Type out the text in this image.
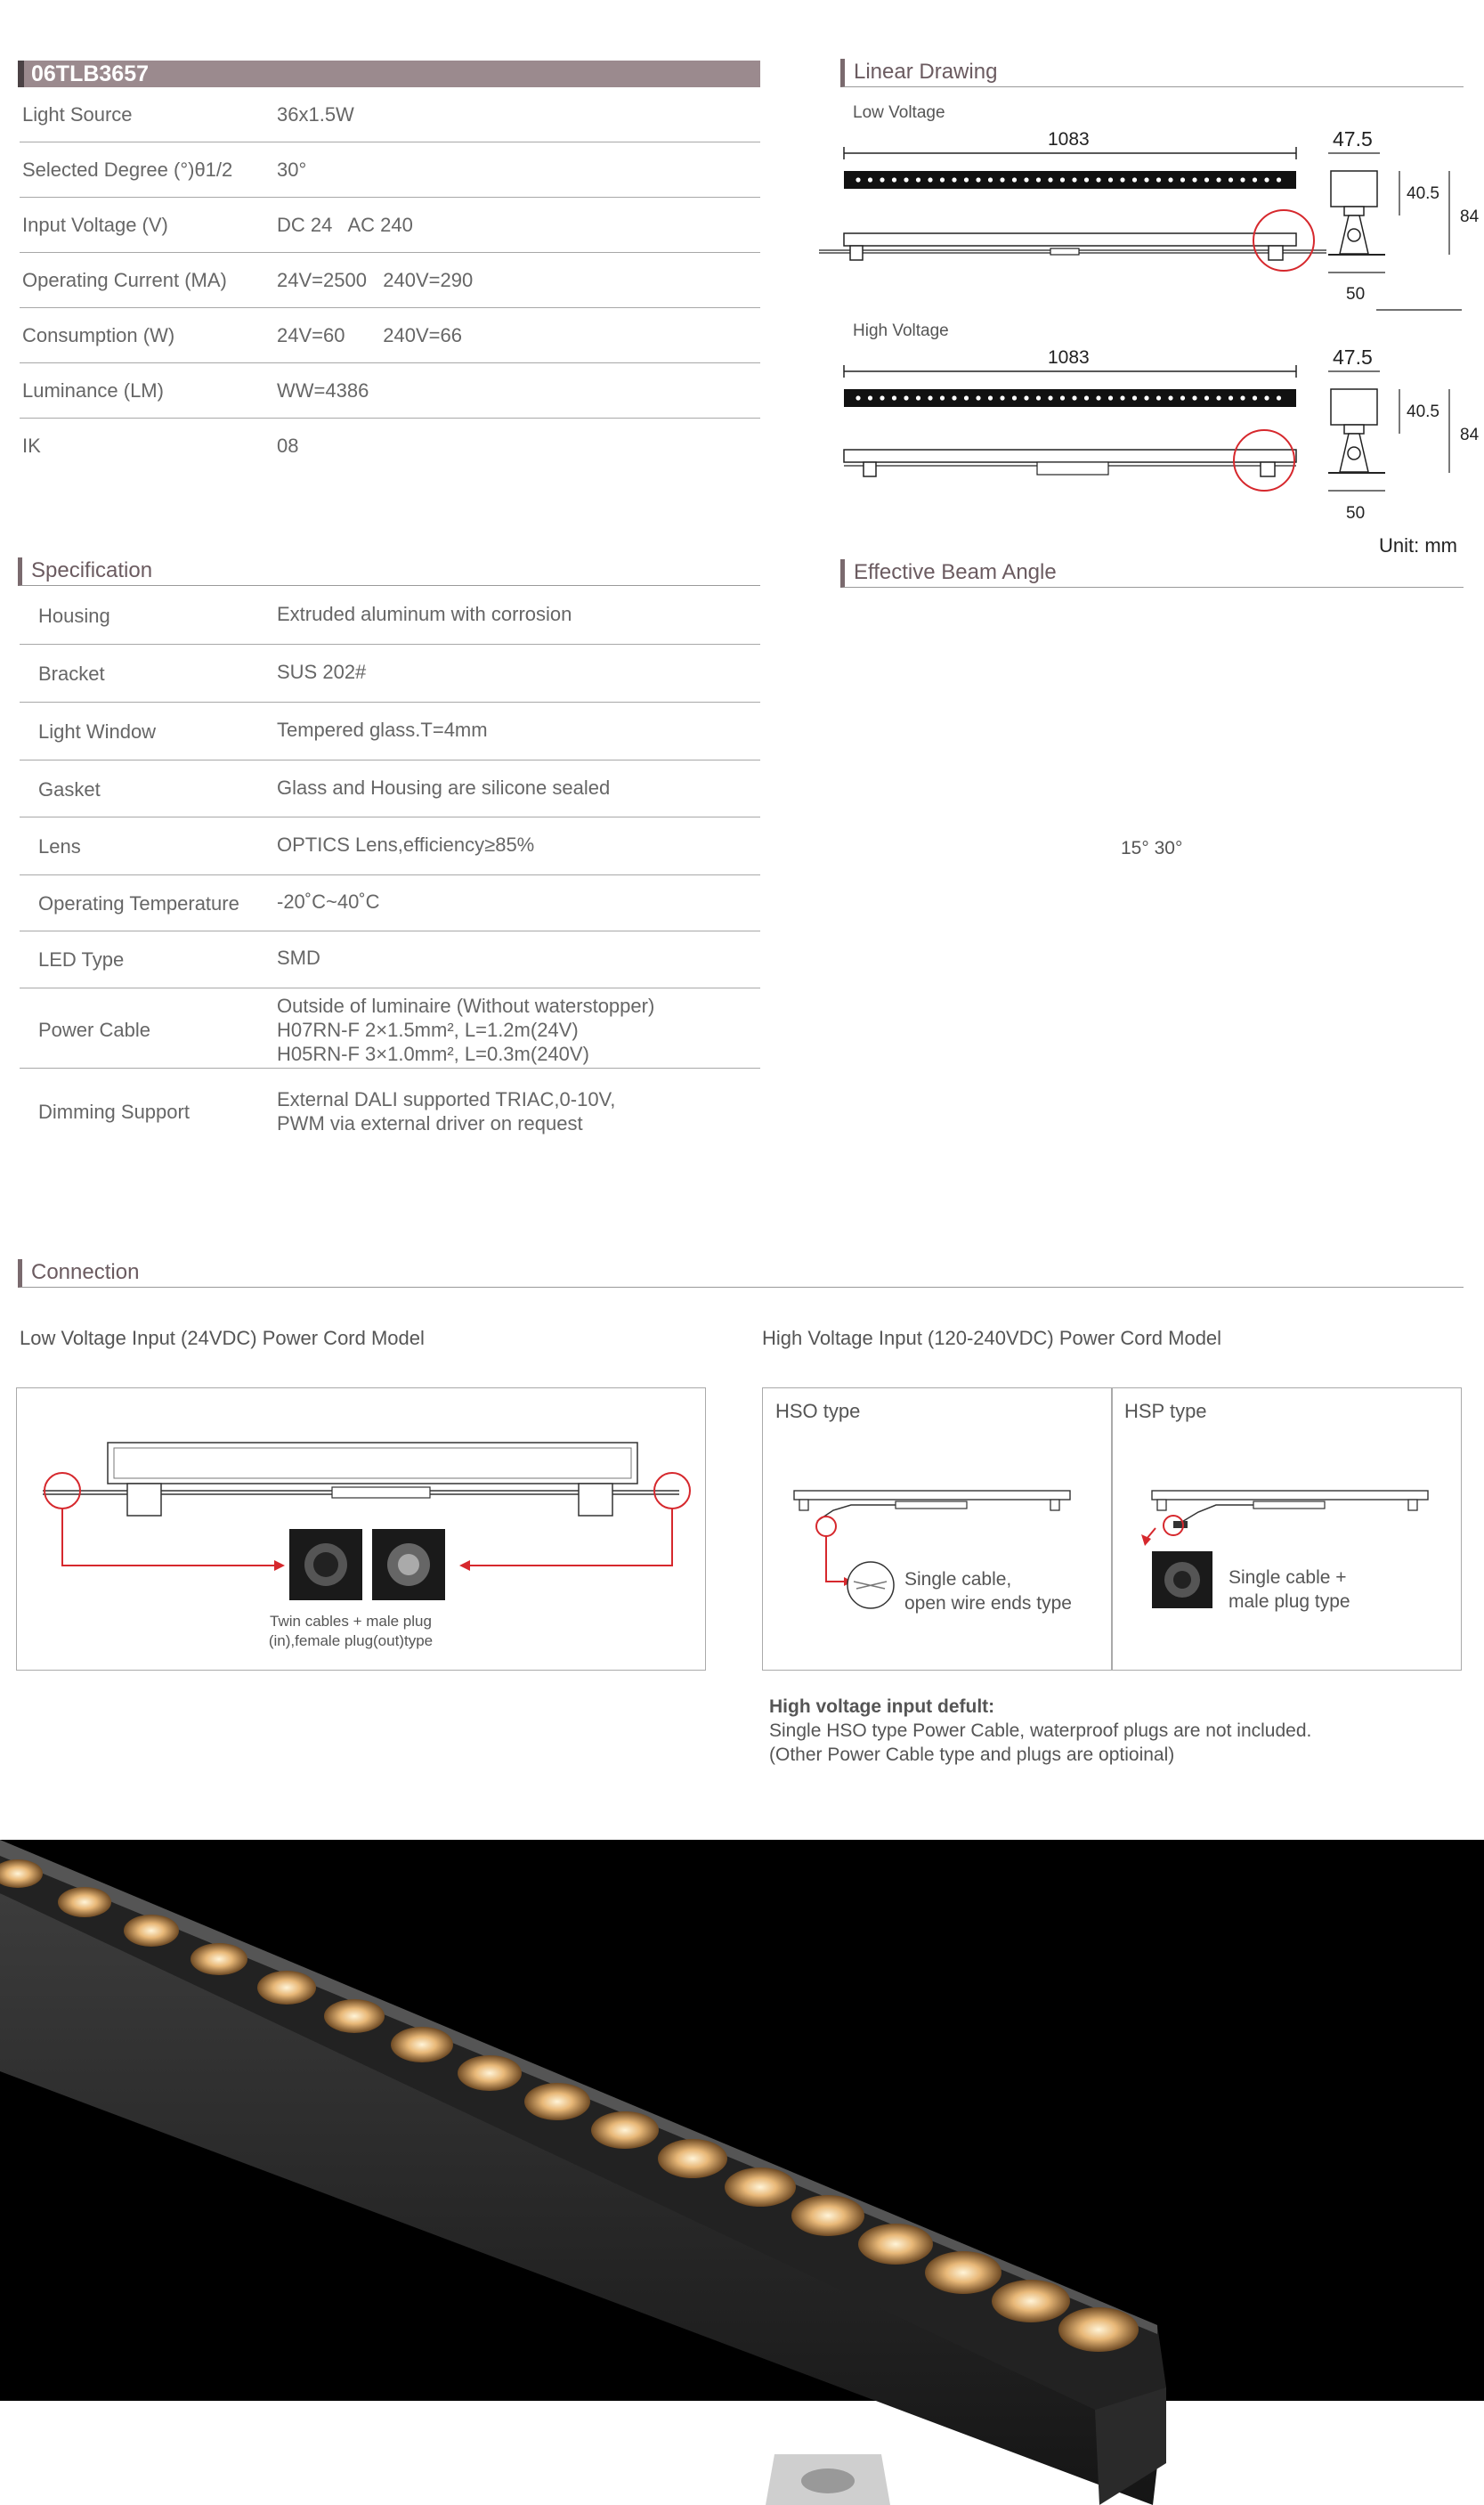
06TLB3657
Light Source	36x1.5W
Selected Degree (°)θ1/2 30°
Input Voltage (V)	DC 24   AC 240
Operating Current (MA)	24V=2500   240V=290
Consumption (W)	24V=60       240V=66
Luminance (LM)	WW=4386
IK	08
Linear Drawing
Low Voltage
1083	47.5
40.5
84
50
High Voltage
1083	47.5
40.5
84
50
Unit: mm
Specification
Housing	Extruded aluminum with corrosion
Bracket	SUS 202#
Light Window	Tempered glass.T=4mm
Gasket	Glass and Housing are silicone sealed
Lens	OPTICS Lens,efficiency≥85%
Operating Temperature -20˚C~40˚C
LED Type	SMD
Power Cable
Outside of luminaire (Without waterstopper)
H07RN-F 2×1.5mm², L=1.2m(24V)
H05RN-F 3×1.0mm², L=0.3m(240V)
Dimming Support
External DALI supported TRIAC,0-10V,
PWM via external driver on request
Effective Beam Angle
15° 30°
Connection
Low Voltage Input (24VDC) Power Cord Model	High Voltage Input (120-240VDC) Power Cord Model
Twin cables + male plug
(in),female plug(out)type
HSO type	HSP type
Single cable,
open wire ends type
Single cable +
male plug type
High voltage input defult:
Single HSO type Power Cable, waterproof plugs are not included.
(Other Power Cable type and plugs are optioinal)
